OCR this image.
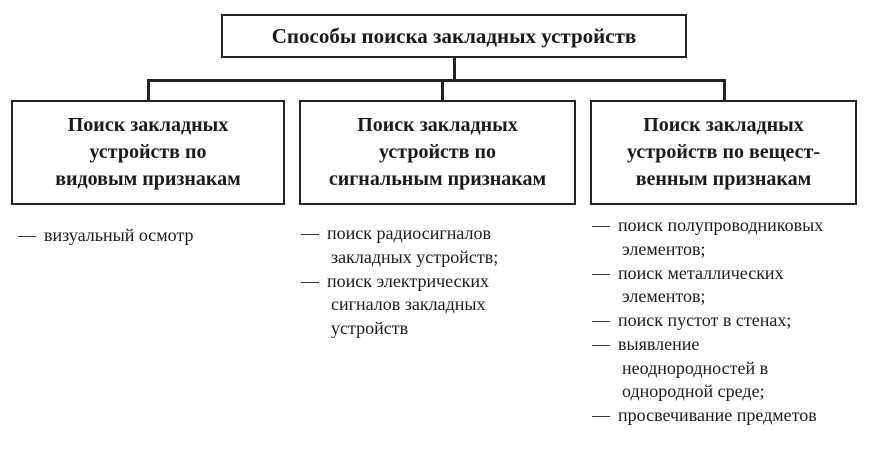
Способы поиска закладных устройств
Поиск закладных
устройств по
видовым признакам
Поиск закладных
устройств по
сигнальным признакам
Поиск закладных
устройств по вещест-
венным признакам
— визуальный осмотр	— поиск радиосигналов
закладных устройств;
— поиск электрических
сигналов закладных
устройств
— поиск полупроводниковых
элементов;
— поиск металлических
элементов;
— поиск пустот в стенах;
— выявление
неоднородностей в
однородной среде;
— просвечивание предметов
